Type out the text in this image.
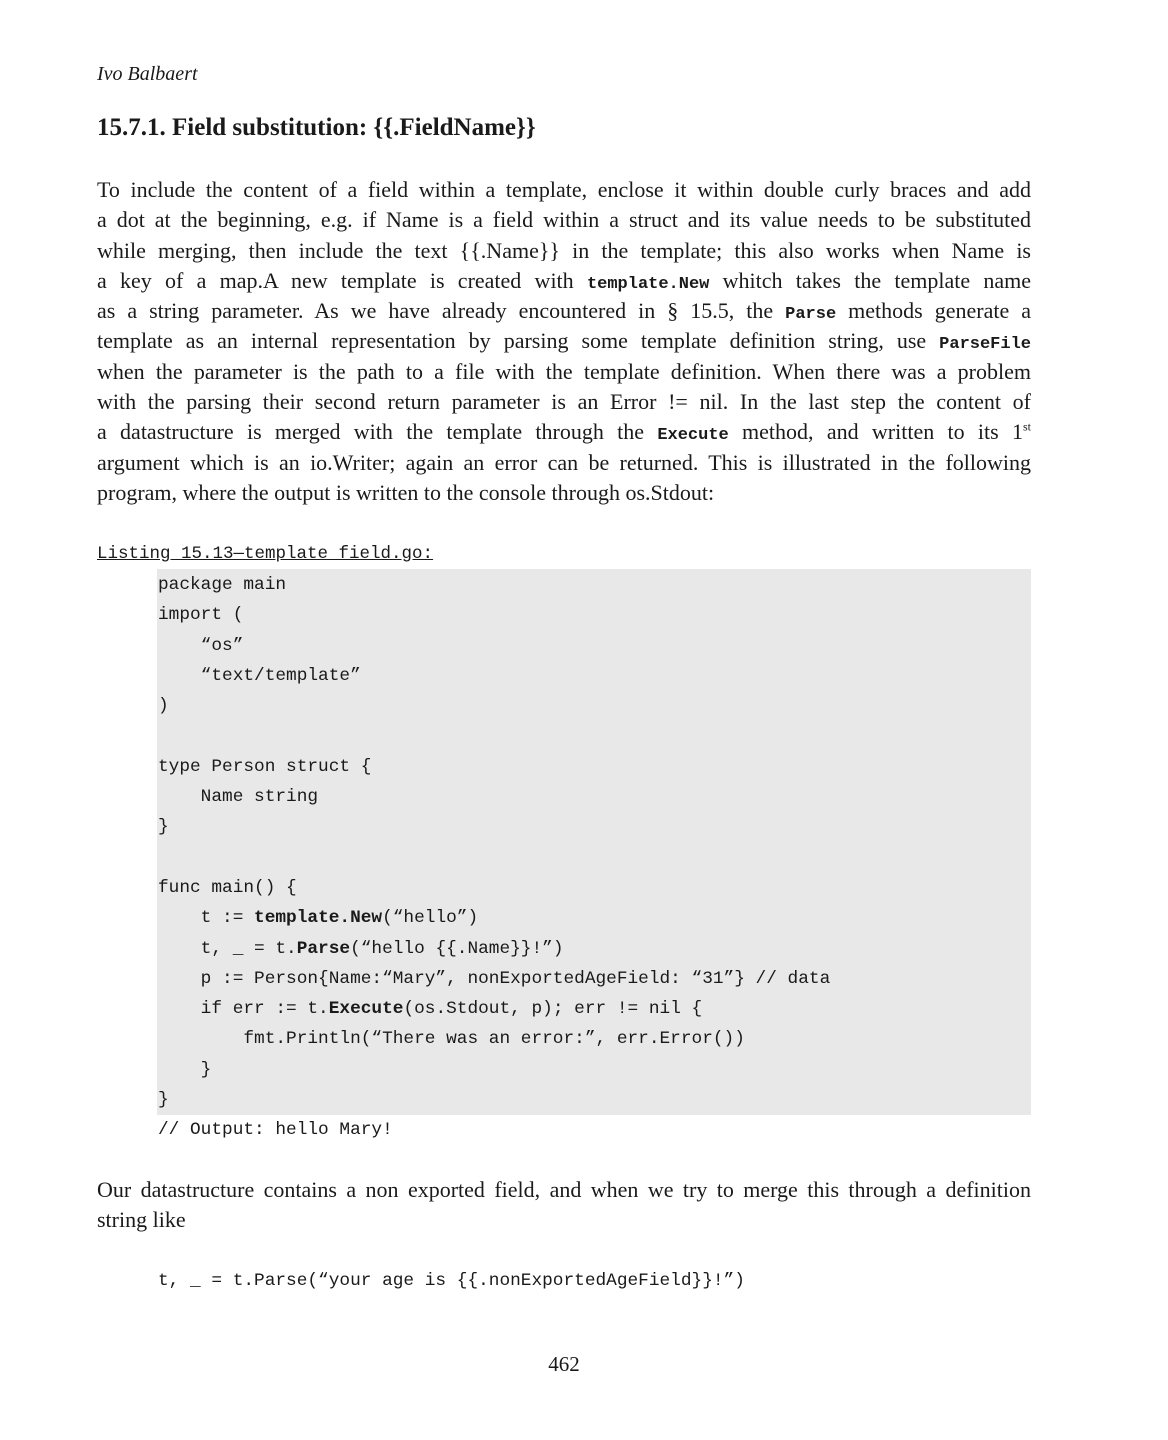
Ivo Balbaert
15.7.1. Field substitution: {{.FieldName}}
To include the content of a field within a template, enclose it within double curly braces and add
a dot at the beginning, e.g. if Name is a field within a struct and its value needs to be substituted
while merging, then include the text {{.Name}} in the template; this also works when Name is
a key of a map.A new template is created with template.New whitch takes the template name
as a string parameter. As we have already encountered in § 15.5, the Parse methods generate a
template as an internal representation by parsing some template definition string, use ParseFile
when the parameter is the path to a file with the template definition. When there was a problem
with the parsing their second return parameter is an Error != nil. In the last step the content of
a datastructure is merged with the template through the Execute method, and written to its 1st
argument which is an io.Writer; again an error can be returned. This is illustrated in the following
program, where the output is written to the console through os.Stdout:
Listing 15.13—template_field.go:
package main
import (
“os”
“text/template”
)
type Person struct {
Name string
}
func main() {
t := template.New(“hello”)
t, _ = t.Parse(“hello {{.Name}}!”)
p := Person{Name:“Mary”, nonExportedAgeField: “31”} // data
if err := t.Execute(os.Stdout, p); err != nil {
fmt.Println(“There was an error:”, err.Error())
}
}
// Output: hello Mary!
Our datastructure contains a non exported field, and when we try to merge this through a definition
string like
t, _ = t.Parse(“your age is {{.nonExportedAgeField}}!”)
462
